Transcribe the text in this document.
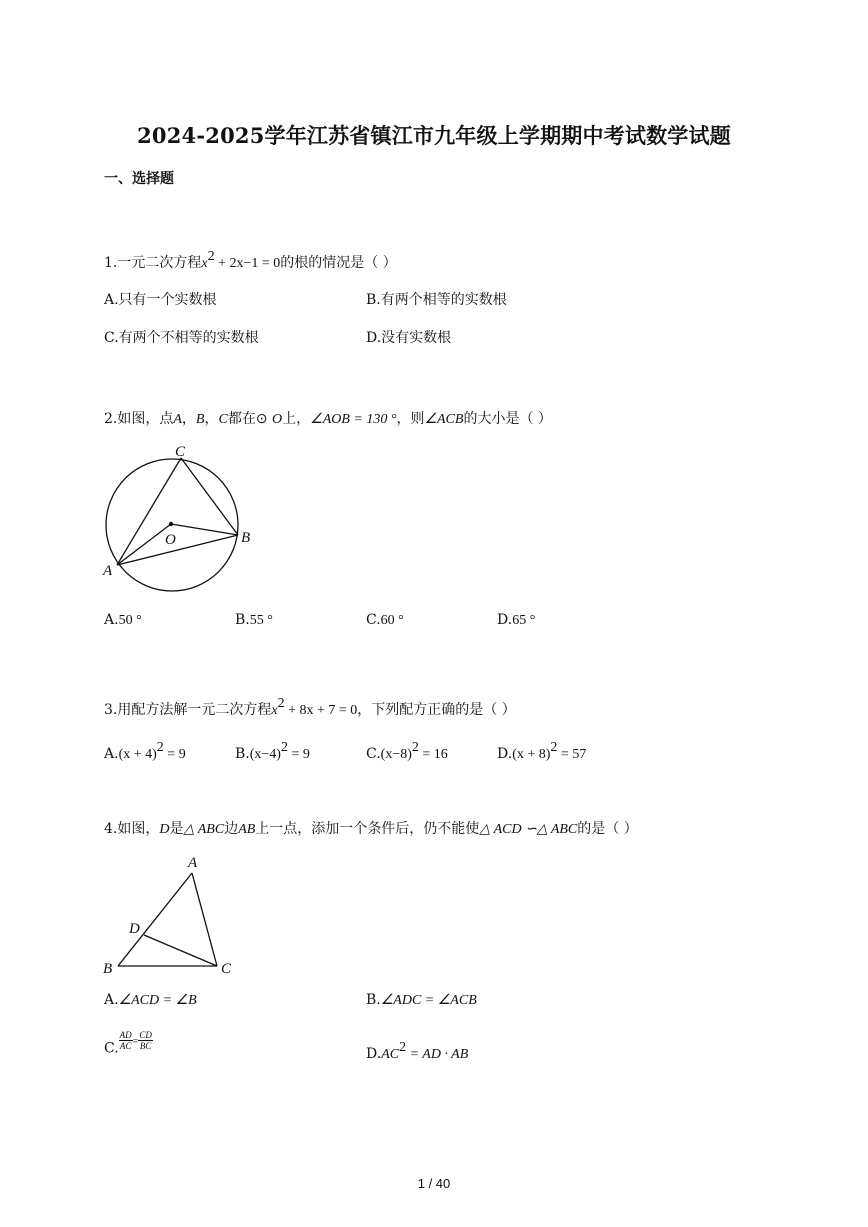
2024-2025学年江苏省镇江市九年级上学期期中考试数学试题
一、选择题
1.一元二次方程$x^2 + 2x-1 = 0$的根的情况是（ ）
A.只有一个实数根	B.有两个相等的实数根
C.有两个不相等的实数根	D.没有实数根
2.如图，点A，B，C都在⊙ O上，∠AOB = 130 °，则∠ACB的大小是（ ）
C
O	B
A
A.50 °	B.55 °	C.60 °	D.65 °
3.用配方法解一元二次方程$x^2 + 8x + 7 = 0$，下列配方正确的是（ ）
$A.(x + 4)^2 = 9$	$B.(x-4)^2 = 9$	$C.(x-8)^2 = 16$	$D.(x + 8)^2 = 57$
4.如图，D是△ ABC边AB上一点，添加一个条件后，仍不能使△ ACD ∽△ ABC的是（ ）
A
D
B	C
A.∠ACD = ∠B	B.∠ADC = ∠ACB
C. $\frac{AD}{AC} = \frac{CD}{BC}$
$D.AC^2$ = AD · AB
1 / 40
